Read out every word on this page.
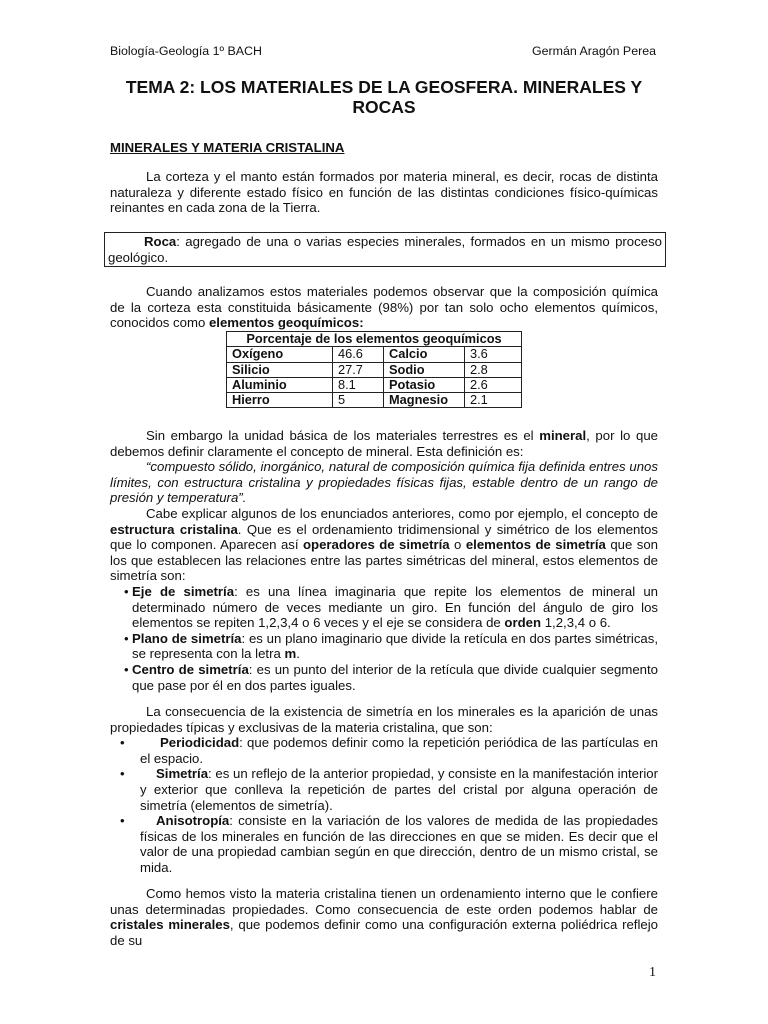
Biología-Geología 1º BACH	Germán Aragón Perea
TEMA 2: LOS MATERIALES DE LA GEOSFERA. MINERALES Y ROCAS
MINERALES Y MATERIA CRISTALINA

La corteza y el manto están formados por materia mineral, es decir, rocas de distinta naturaleza y diferente estado físico en función de las distintas condiciones físico-químicas reinantes en cada zona de la Tierra.

Roca: agregado de una o varias especies minerales, formados en un mismo proceso geológico.

Cuando analizamos estos materiales podemos observar que la composición química de la corteza esta constituida básicamente (98%) por tan solo ocho elementos químicos, conocidos como elementos geoquímicos:

Porcentaje de los elementos geoquímicos			
Oxígeno	46.6	Calcio	3.6
Silicio	27.7	Sodio	2.8
Aluminio	8.1	Potasio	2.6
Hierro	5	Magnesio	2.1

Sin embargo la unidad básica de los materiales terrestres es el mineral, por lo que debemos definir claramente el concepto de mineral. Esta definición es:

“compuesto sólido, inorgánico, natural de composición química fija definida entres unos límites, con estructura cristalina y propiedades físicas fijas, estable dentro de un rango de presión y temperatura”.

Cabe explicar algunos de los enunciados anteriores, como por ejemplo, el concepto de estructura cristalina. Que es el ordenamiento tridimensional y simétrico de los elementos que lo componen. Aparecen así operadores de simetría o elementos de simetría que son los que establecen las relaciones entre las partes simétricas del mineral, estos elementos de simetría son:

• Eje de simetría: es una línea imaginaria que repite los elementos de mineral un determinado número de veces mediante un giro. En función del ángulo de giro los elementos se repiten 1,2,3,4 o 6 veces y el eje se considera de orden 1,2,3,4 o 6.

• Plano de simetría: es un plano imaginario que divide la retícula en dos partes simétricas, se representa con la letra m.

• Centro de simetría: es un punto del interior de la retícula que divide cualquier segmento que pase por él en dos partes iguales.

La consecuencia de la existencia de simetría en los minerales es la aparición de unas propiedades típicas y exclusivas de la materia cristalina, que son:

•	Periodicidad: que podemos definir como la repetición periódica de las partículas en el espacio.

•	Simetría: es un reflejo de la anterior propiedad, y consiste en la manifestación interior y exterior que conlleva la repetición de partes del cristal por alguna operación de simetría (elementos de simetría).

•	Anisotropía: consiste en la variación de los valores de medida de las propiedades físicas de los minerales en función de las direcciones en que se miden. Es decir que el valor de una propiedad cambian según en que dirección, dentro de un mismo cristal, se mida.

Como hemos visto la materia cristalina tienen un ordenamiento interno que le confiere unas determinadas propiedades. Como consecuencia de este orden podemos hablar de cristales minerales, que podemos definir como una configuración externa poliédrica reflejo de su

1
